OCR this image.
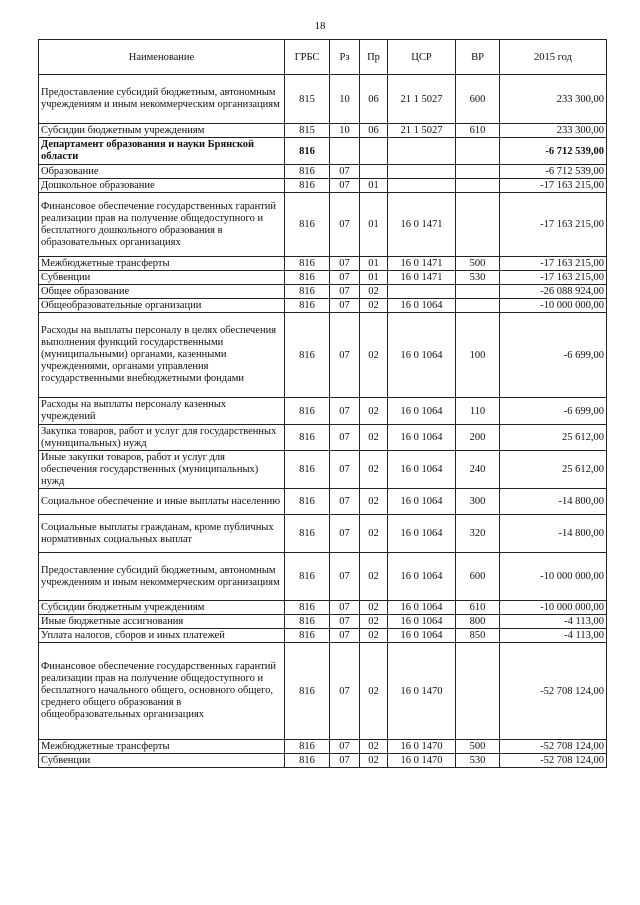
18
Наименование	ГРБС	Рз	Пр	ЦСР	ВР	2015 год
Предоставление субсидий бюджетным, автономным учреждениям и иным некоммерческим организациям	815	10	06	21 1 5027	600	233 300,00
Субсидии бюджетным учреждениям	815	10	06	21 1 5027	610	233 300,00
Департамент образования и науки Брянской области	816					-6 712 539,00
Образование	816	07				-6 712 539,00
Дошкольное образование	816	07	01			-17 163 215,00
Финансовое обеспечение государственных гарантий реализации прав на получение общедоступного и бесплатного дошкольного образования в образовательных организациях	816	07	01	16 0 1471		-17 163 215,00
Межбюджетные трансферты	816	07	01	16 0 1471	500	-17 163 215,00
Субвенции	816	07	01	16 0 1471	530	-17 163 215,00
Общее образование	816	07	02			-26 088 924,00
Общеобразовательные организации	816	07	02	16 0 1064		-10 000 000,00
Расходы на выплаты персоналу в целях обеспечения выполнения функций государственными (муниципальными) органами, казенными учреждениями, органами управления государственными внебюджетными фондами	816	07	02	16 0 1064	100	-6 699,00
Расходы на выплаты персоналу казенных учреждений	816	07	02	16 0 1064	110	-6 699,00
Закупка товаров, работ и услуг для государственных (муниципальных) нужд	816	07	02	16 0 1064	200	25 612,00
Иные закупки товаров, работ и услуг для обеспечения государственных (муниципальных) нужд	816	07	02	16 0 1064	240	25 612,00
Социальное обеспечение и иные выплаты населению	816	07	02	16 0 1064	300	-14 800,00
Социальные выплаты гражданам, кроме публичных нормативных социальных выплат	816	07	02	16 0 1064	320	-14 800,00
Предоставление субсидий бюджетным, автономным учреждениям и иным некоммерческим организациям	816	07	02	16 0 1064	600	-10 000 000,00
Субсидии бюджетным учреждениям	816	07	02	16 0 1064	610	-10 000 000,00
Иные бюджетные ассигнования	816	07	02	16 0 1064	800	-4 113,00
Уплата налогов, сборов и иных платежей	816	07	02	16 0 1064	850	-4 113,00
Финансовое обеспечение государственных гарантий реализации прав на получение общедоступного и бесплатного начального общего, основного общего, среднего общего образования в общеобразовательных организациях	816	07	02	16 0 1470		-52 708 124,00
Межбюджетные трансферты	816	07	02	16 0 1470	500	-52 708 124,00
Субвенции	816	07	02	16 0 1470	530	-52 708 124,00
